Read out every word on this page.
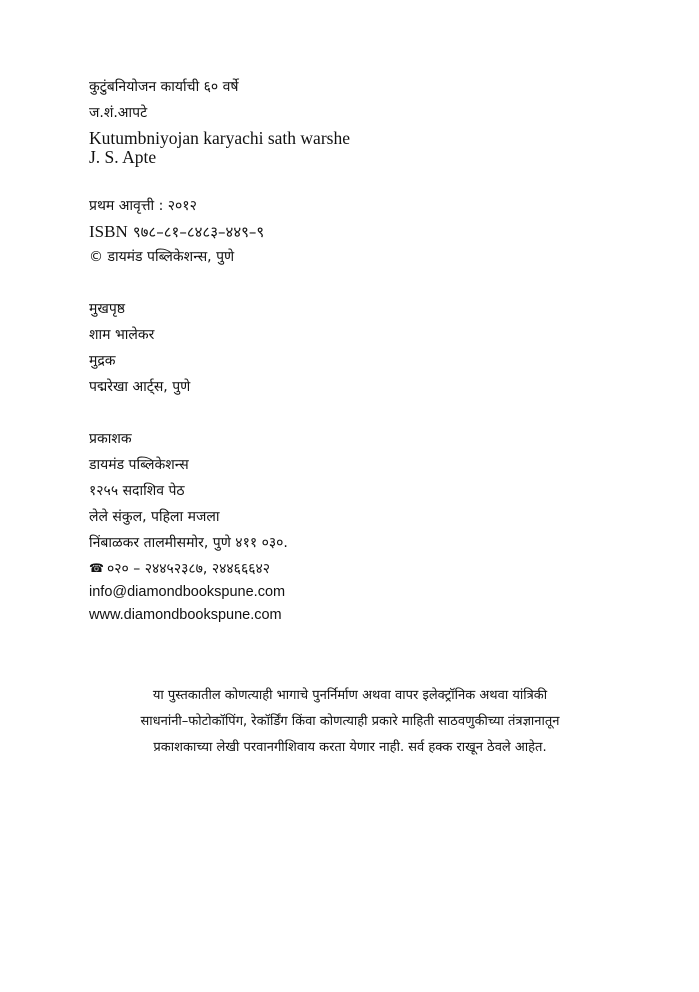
कुटुंबनियोजन कार्याची ६० वर्षे
ज.शं.आपटे
Kutumbniyojan karyachi sath warshe
J. S. Apte
प्रथम आवृत्ती : २०१२
ISBN ९७८–८१–८४८३–४४९–९
© डायमंड पब्लिकेशन्स, पुणे
मुखपृष्ठ
शाम भालेकर
मुद्रक
पद्मरेखा आर्ट्स, पुणे
प्रकाशक
डायमंड पब्लिकेशन्स
१२५५ सदाशिव पेठ
लेले संकुल, पहिला मजला
निंबाळकर तालमीसमोर, पुणे ४११ ०३०.
☎ ०२० – २४४५२३८७, २४४६६६४२
info@diamondbookspune.com
www.diamondbookspune.com
या पुस्तकातील कोणत्याही भागाचे पुनर्निर्माण अथवा वापर इलेक्ट्रॉनिक अथवा यांत्रिकी
साधनांनी–फोटोकॉपिंग, रेकॉर्डिंग किंवा कोणत्याही प्रकारे माहिती साठवणुकीच्या तंत्रज्ञानातून
प्रकाशकाच्या लेखी परवानगीशिवाय करता येणार नाही. सर्व हक्क राखून ठेवले आहेत.
